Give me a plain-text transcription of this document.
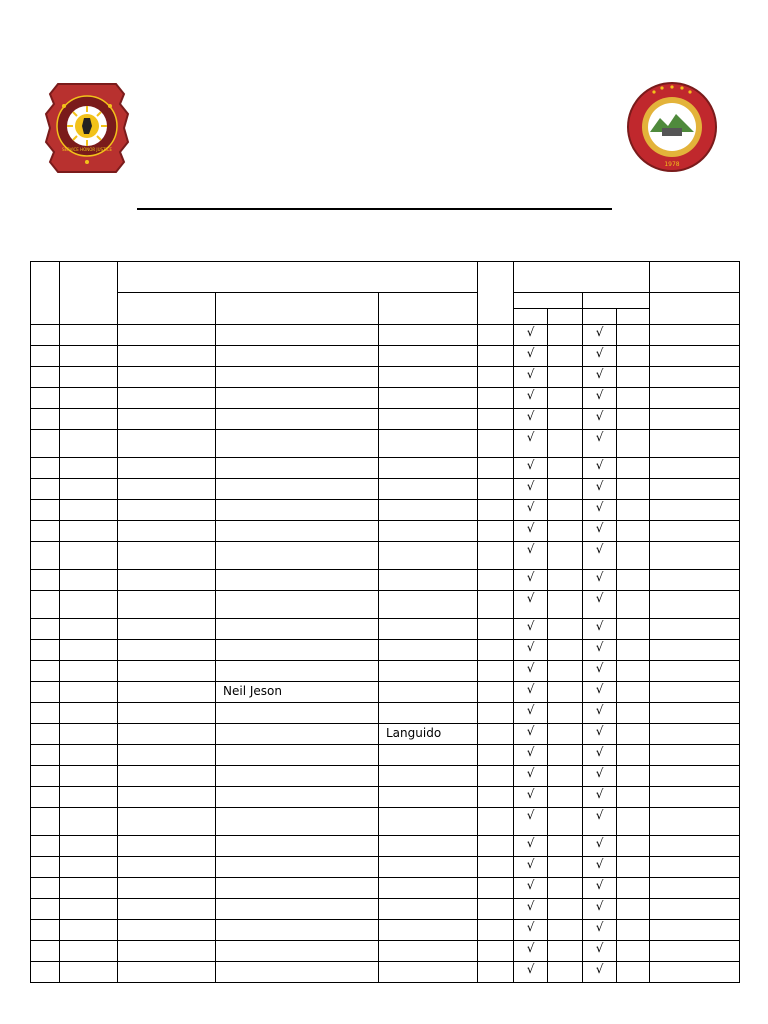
SERVICE HONOR JUSTICE
1978

						√		√		
						√		√		
						√		√		
						√		√		
						√		√		
						√		√		
						√		√		
						√		√		
						√		√		
						√		√		
						√		√		
						√		√		
						√		√		
						√		√		
						√		√		
						√		√		
			Neil Jeson			√		√		
						√		√		
				Languido		√		√		
						√		√		
						√		√		
						√		√		
						√		√		
						√		√		
						√		√		
						√		√		
						√		√		
						√		√		
						√		√		
						√		√		
